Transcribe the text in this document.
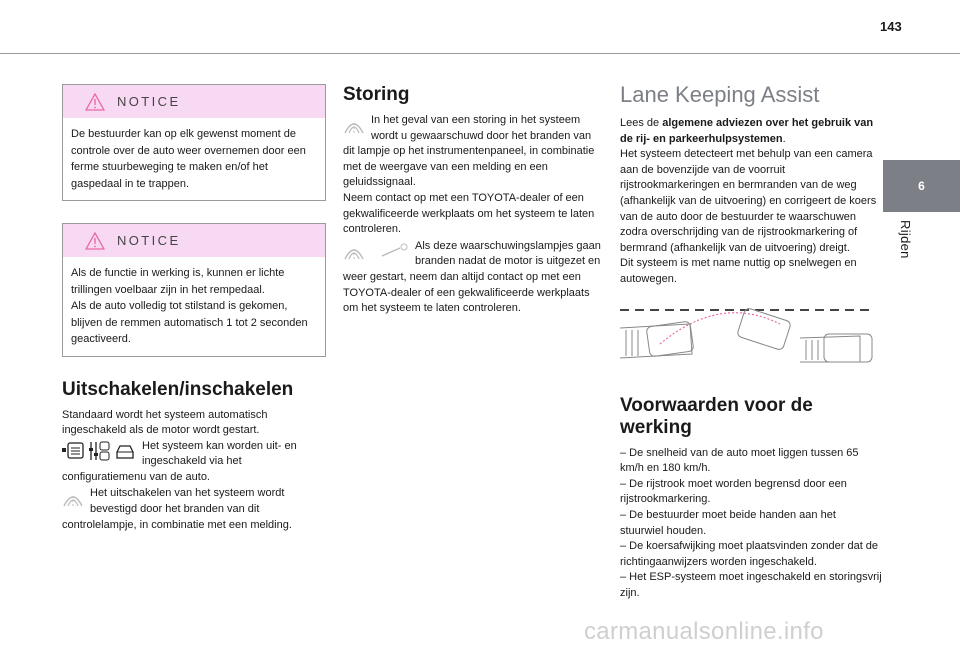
143
6
Rijden
NOTICE
De bestuurder kan op elk gewenst moment de controle over de auto weer overnemen door een ferme stuurbeweging te maken en/of het gaspedaal in te trappen.
NOTICE
Als de functie in werking is, kunnen er lichte trillingen voelbaar zijn in het rempedaal.
Als de auto volledig tot stilstand is gekomen, blijven de remmen automatisch 1 tot 2 seconden geactiveerd.
Uitschakelen/inschakelen

Standaard wordt het systeem automatisch ingeschakeld als de motor wordt gestart.

Het systeem kan worden uit- en ingeschakeld via het configuratiemenu van de auto.
Het uitschakelen van het systeem wordt bevestigd door het branden van dit controlelampje, in combinatie met een melding.
Storing
In het geval van een storing in het systeem wordt u gewaarschuwd door het branden van dit lampje op het instrumentenpaneel, in combinatie met de weergave van een melding en een geluidssignaal.

Neem contact op met een TOYOTA-dealer of een gekwalificeerde werkplaats om het systeem te laten controleren.

Als deze waarschuwingslampjes gaan branden nadat de motor is uitgezet en weer gestart, neem dan altijd contact op met een TOYOTA-dealer of een gekwalificeerde werkplaats om het systeem te laten controleren.
Lane Keeping Assist

Lees de algemene adviezen over het gebruik van de rij- en parkeerhulpsystemen.

Het systeem detecteert met behulp van een camera aan de bovenzijde van de voorruit rijstrookmarkeringen en bermranden van de weg (afhankelijk van de uitvoering) en corrigeert de koers van de auto door de bestuurder te waarschuwen zodra overschrijding van de rijstrookmarkering of bermrand (afhankelijk van de uitvoering) dreigt.

Dit systeem is met name nuttig op snelwegen en autowegen.

Voorwaarden voor de werking
– De snelheid van de auto moet liggen tussen 65 km/h en 180 km/h.
– De rijstrook moet worden begrensd door een rijstrookmarkering.
– De bestuurder moet beide handen aan het stuurwiel houden.
– De koersafwijking moet plaatsvinden zonder dat de richtingaanwijzers worden ingeschakeld.
– Het ESP-systeem moet ingeschakeld en storingsvrij zijn.
carmanualsonline.info
